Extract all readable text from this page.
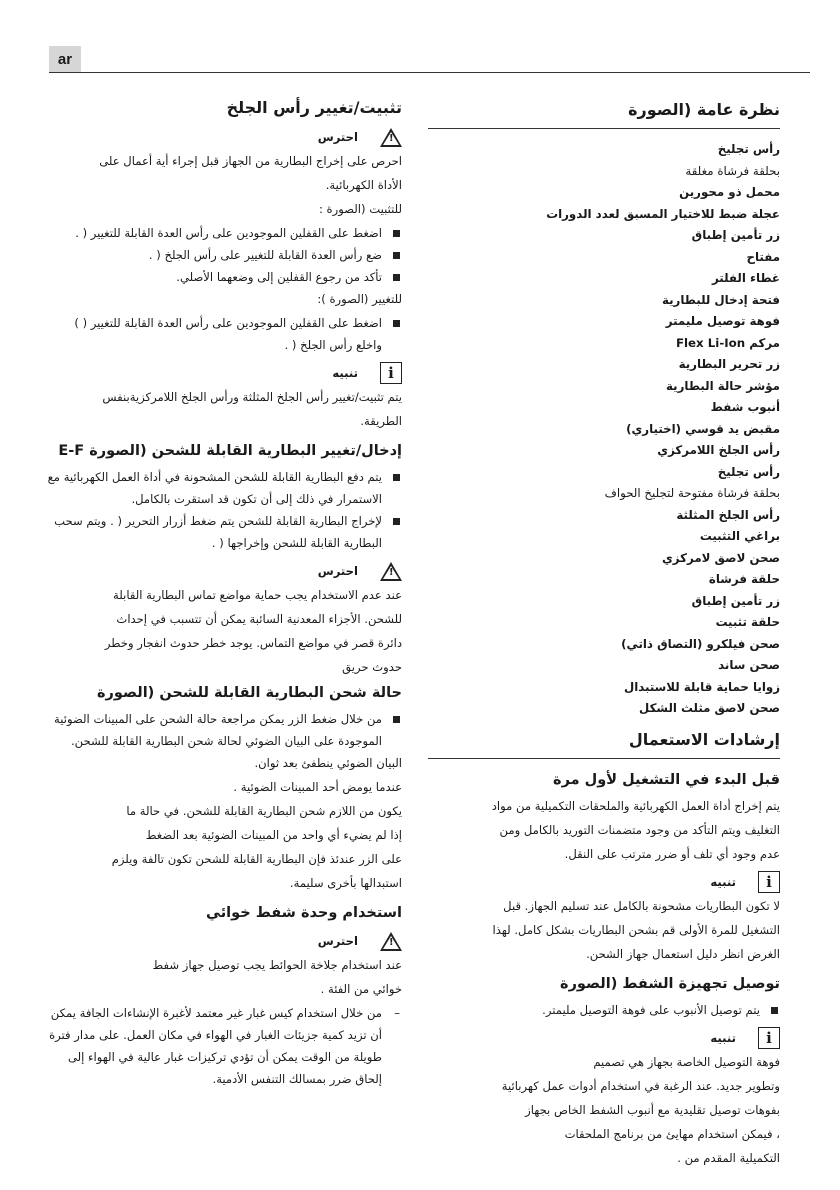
ar
نظرة عامة (الصورة
رأس تجليخ
بحلقة فرشاة مغلقة
محمل ذو محورين
عجلة ضبط للاختيار المسبق لعدد الدورات
زر تأمين إطباق
مفتاح
غطاء الفلتر
فتحة إدخال للبطارية
فوهة توصيل مليمتر
مركم Flex Li-Ion
زر تحرير البطارية
مؤشر حالة البطارية
أنبوب شفط
مقبض يد قوسي (اختياري)
رأس الجلخ اللامركزي
رأس تجليخ
بحلقة فرشاة مفتوحة لتجليخ الحواف
رأس الجلخ المثلثة
براغي التثبيت
صحن لاصق لامركزي
حلقة فرشاة
زر تأمين إطباق
حلقة تثبيت
صحن فيلكرو (التصاق ذاتي)
صحن ساند
زوايا حماية قابلة للاستبدال
صحن لاصق مثلث الشكل
إرشادات الاستعمال
قبل البدء في التشغيل لأول مرة

يتم إخراج أداة العمل الكهربائية والملحقات التكميلية من مواد

التغليف ويتم التأكد من وجود متضمنات التوريد بالكامل ومن

عدم وجود أي تلف أو ضرر مترتب على النقل.

i
تنبيه

لا تكون البطاريات مشحونة بالكامل عند تسليم الجهاز. قبل

التشغيل للمرة الأولى قم بشحن البطاريات بشكل كامل. لهذا

الغرض انظر دليل استعمال جهاز الشحن.

توصيل تجهيزة الشفط (الصورة
يتم توصيل الأنبوب على فوهة التوصيل مليمتر.
i
تنبيه

فوهة التوصيل الخاصة بجهاز هي تصميم

وتطوير جديد. عند الرغبة في استخدام أدوات عمل كهربائية

بفوهات توصيل تقليدية مع أنبوب الشفط الخاص بجهاز

، فيمكن استخدام مهايئ من برنامج الملحقات

التكميلية المقدم من .

تثبيت/تغيير رأس الجلخ
!
احترس

احرص على إخراج البطارية من الجهاز قبل إجراء أية أعمال على

الأداة الكهربائية.

للتثبيت (الصورة :

اضغط على القفلين الموجودين على رأس العدة القابلة للتغيير ( .
ضع رأس العدة القابلة للتغيير على رأس الجلخ ( .
تأكد من رجوع القفلين إلى وضعهما الأصلي.

للتغيير (الصورة ):

اضغط على القفلين الموجودين على رأس العدة القابلة للتغيير ( ) واخلع رأس الجلخ ( .
i
تنبيه

يتم تثبيت/تغيير رأس الجلخ المثلثة ورأس الجلخ اللامركزيةبنفس

الطريقة.

إدخال/تغيير البطارية القابلة للشحن (الصورة E-F
يتم دفع البطارية القابلة للشحن المشحونة في أداة العمل الكهربائية مع الاستمرار في ذلك إلى أن تكون قد استقرت بالكامل.
لإخراج البطارية القابلة للشحن يتم ضغط أزرار التحرير ( . ويتم سحب البطارية القابلة للشحن وإخراجها ( .
!
احترس

عند عدم الاستخدام يجب حماية مواضع تماس البطارية القابلة

للشحن. الأجزاء المعدنية السائبة يمكن أن تتسبب في إحداث

دائرة قصر في مواضع التماس. يوجد خطر حدوث انفجار وخطر

حدوث حريق

حالة شحن البطارية القابلة للشحن (الصورة
من خلال ضغط الزر يمكن مراجعة حالة الشحن على المبينات الضوئية الموجودة على البيان الضوئي لحالة شحن البطارية القابلة للشحن.

البيان الضوئي ينطفئ بعد ثوان.

عندما يومض أحد المبينات الضوئية .

يكون من اللازم شحن البطارية القابلة للشحن. في حالة ما

إذا لم يضيء أي واحد من المبينات الضوئية بعد الضغط

على الزر عندئذ فإن البطارية القابلة للشحن تكون تالفة ويلزم

استبدالها بأخرى سليمة.

استخدام وحدة شفط خوائي
!
احترس

عند استخدام جلاخة الحوائط يجب توصيل جهاز شفط

خوائي من الفئة .

– من خلال استخدام كيس غبار غير معتمد لأغبرة الإنشاءات الجافة يمكن أن تزيد كمية جزيئات الغبار في الهواء في مكان العمل. على مدار فترة طويلة من الوقت يمكن أن تؤدي تركيزات غبار عالية في الهواء إلى إلحاق ضرر بمسالك التنفس الأدمية.
